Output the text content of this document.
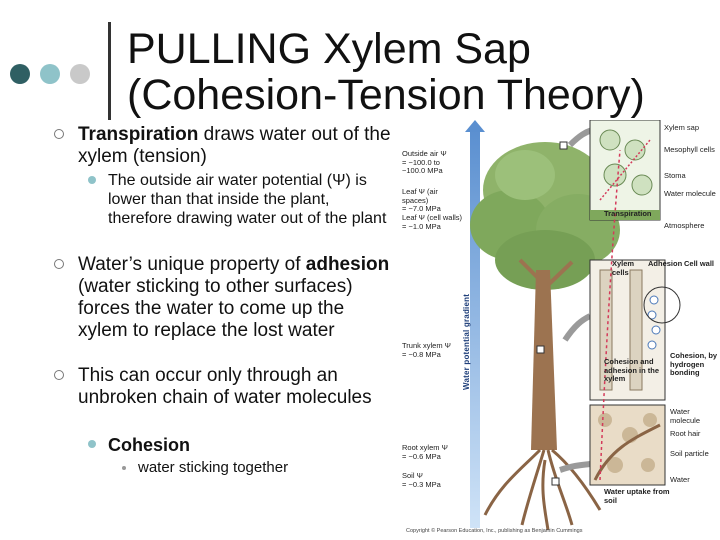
PULLING Xylem Sap
(Cohesion-Tension Theory)
Transpiration draws water out of the xylem (tension)
The outside air water potential (Ψ) is lower than that inside the plant, therefore drawing water out of the plant
Water’s unique property of adhesion (water sticking to other surfaces) forces the water to come up the xylem to replace the lost water
This can occur only through an unbroken chain of water molecules
Cohesion
water sticking together
Outside air Ψ
= −100.0 to −100.0 MPa
Leaf Ψ (air spaces)
= −7.0 MPa
Leaf Ψ (cell walls)
= −1.0 MPa
Trunk xylem Ψ
= −0.8 MPa
Root xylem Ψ
= −0.6 MPa
Soil Ψ
= −0.3 MPa
Water potential gradient
Xylem sap
Mesophyll cells
Stoma
Water molecule
Atmosphere
Transpiration
Xylem cells
Adhesion Cell wall
Cohesion and adhesion in the xylem
Cohesion, by hydrogen bonding
Water molecule
Root hair
Soil particle
Water
Water uptake from soil
Copyright © Pearson Education, Inc., publishing as Benjamin Cummings
